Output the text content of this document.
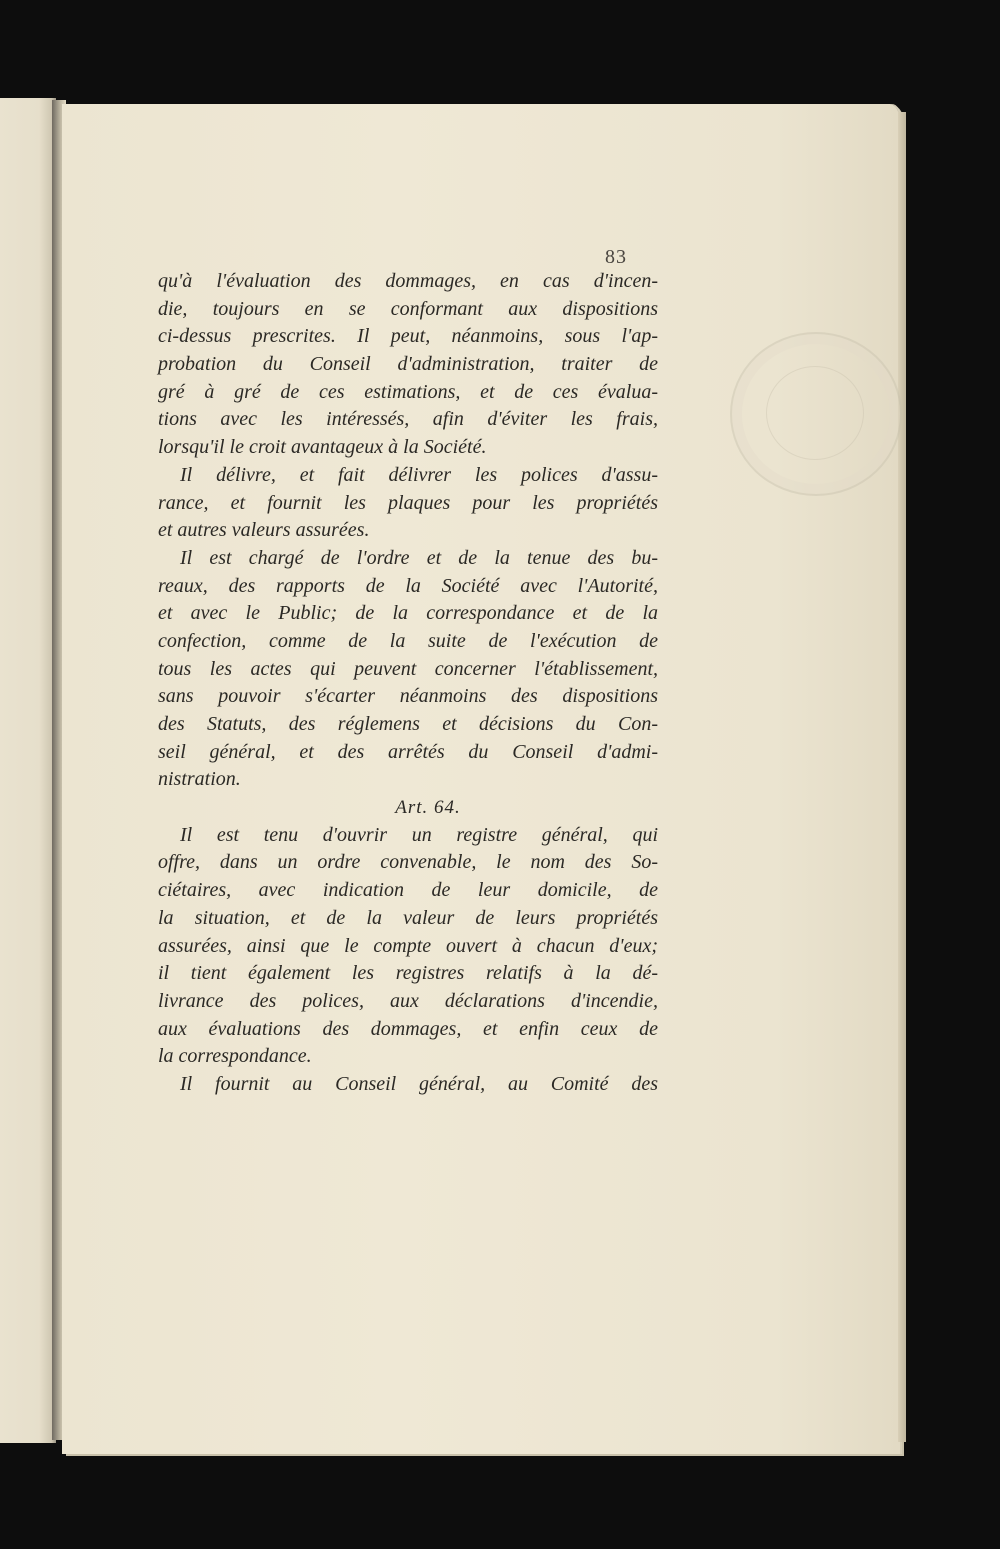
83
qu'à l'évaluation des dommages, en cas d'incen-
die, toujours en se conformant aux dispositions
ci-dessus prescrites. Il peut, néanmoins, sous l'ap-
probation du Conseil d'administration, traiter de
gré à gré de ces estimations, et de ces évalua-
tions avec les intéressés, afin d'éviter les frais,
lorsqu'il le croit avantageux à la Société.
Il délivre, et fait délivrer les polices d'assu-
rance, et fournit les plaques pour les propriétés
et autres valeurs assurées.
Il est chargé de l'ordre et de la tenue des bu-
reaux, des rapports de la Société avec l'Autorité,
et avec le Public; de la correspondance et de la
confection, comme de la suite de l'exécution de
tous les actes qui peuvent concerner l'établissement,
sans pouvoir s'écarter néanmoins des dispositions
des Statuts, des réglemens et décisions du Con-
seil général, et des arrêtés du Conseil d'admi-
nistration.
Art. 64.
Il est tenu d'ouvrir un registre général, qui
offre, dans un ordre convenable, le nom des So-
ciétaires, avec indication de leur domicile, de
la situation, et de la valeur de leurs propriétés
assurées, ainsi que le compte ouvert à chacun d'eux;
il tient également les registres relatifs à la dé-
livrance des polices, aux déclarations d'incendie,
aux évaluations des dommages, et enfin ceux de
la correspondance.
Il fournit au Conseil général, au Comité des
